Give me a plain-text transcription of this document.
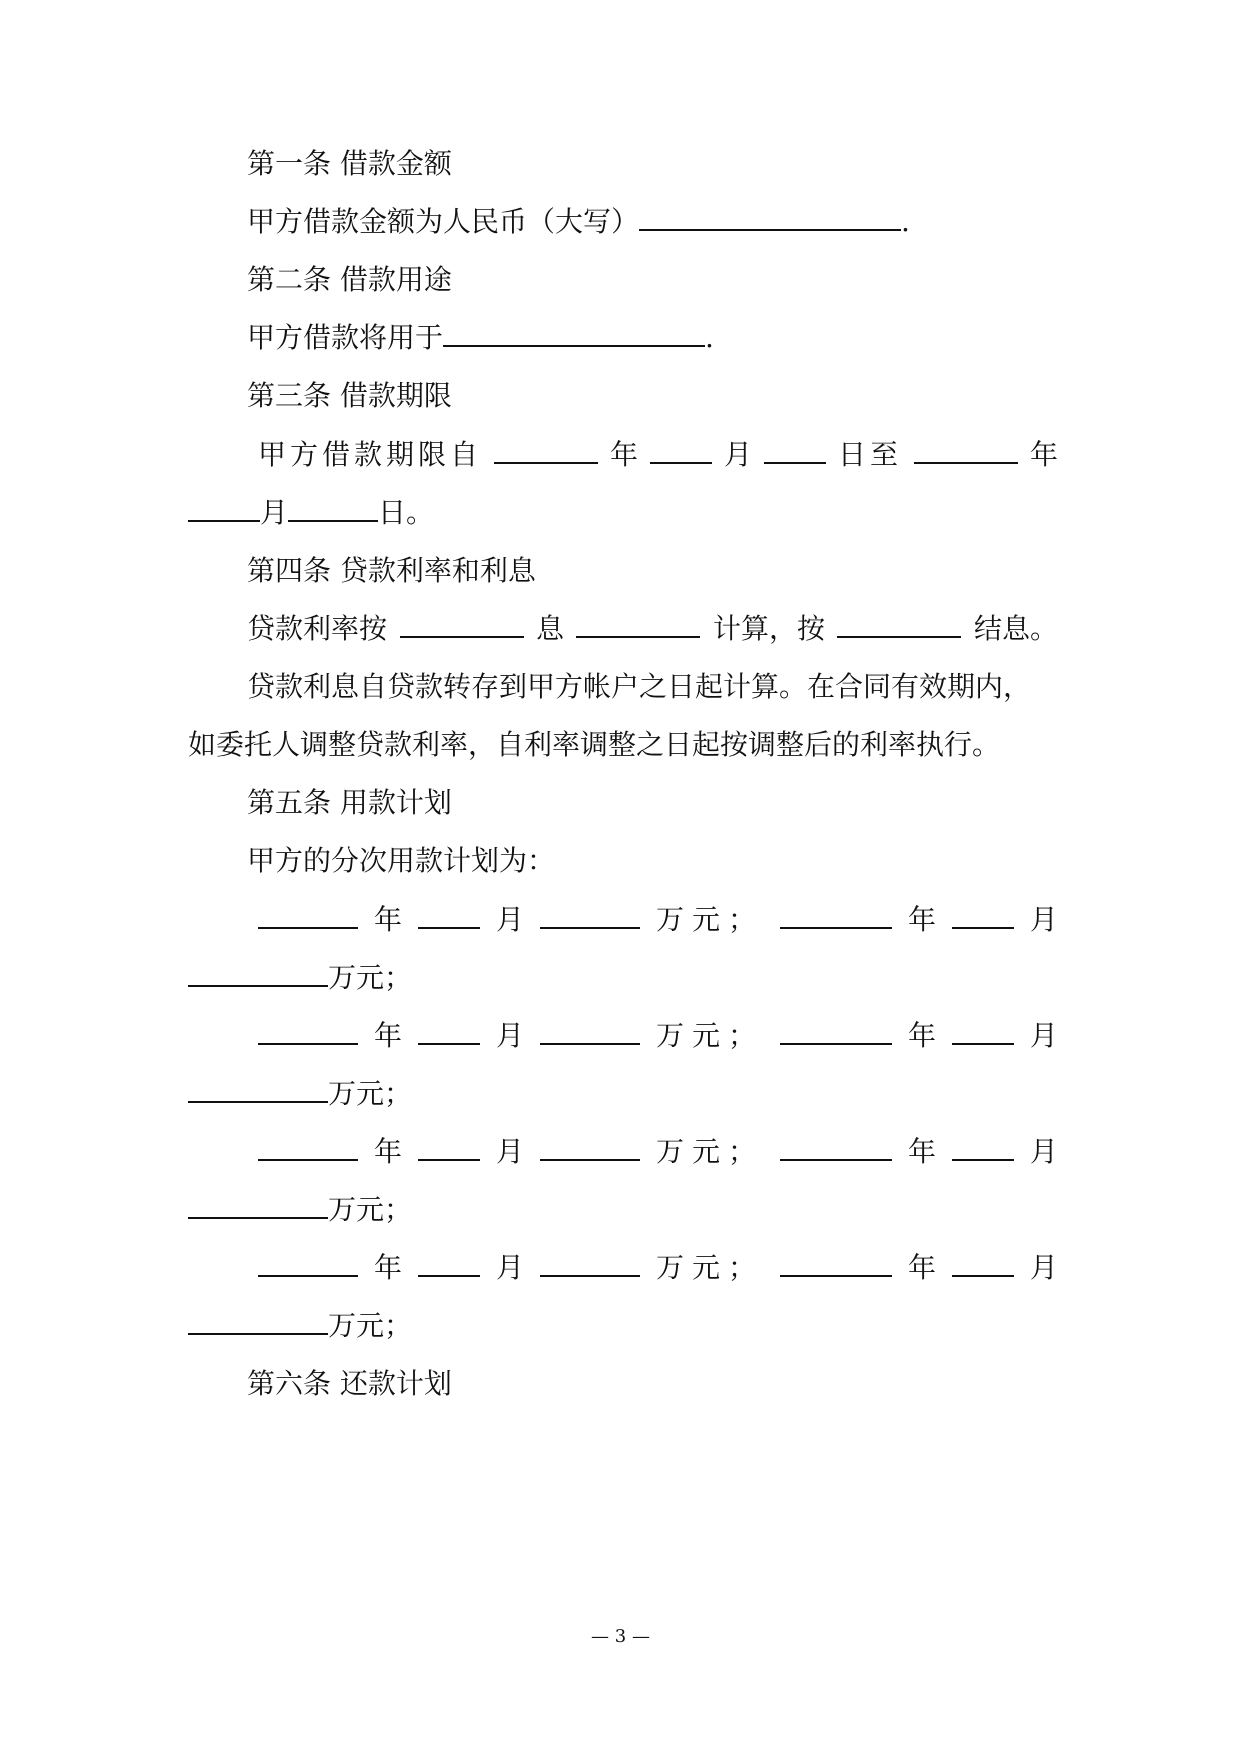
第一条 借款金额
甲方借款金额为人民币（大写）	.
第二条 借款用途
甲方借款将用于	.
第三条 借款期限
甲方借款期限自	年	月	日至	年
月	日。
第四条 贷款利率和利息
贷款利率按	息	计算，按	结息。
贷款利息自贷款转存到甲方帐户之日起计算。在合同有效期内，
如委托人调整贷款利率，自利率调整之日起按调整后的利率执行。
第五条 用款计划
甲方的分次用款计划为：
年	月	万元；	年	月
万元；
年	月	万元；	年	月
万元；
年	月	万元；	年	月
万元；
年	月	万元；	年	月
万元；
第六条 还款计划
— 3 —
